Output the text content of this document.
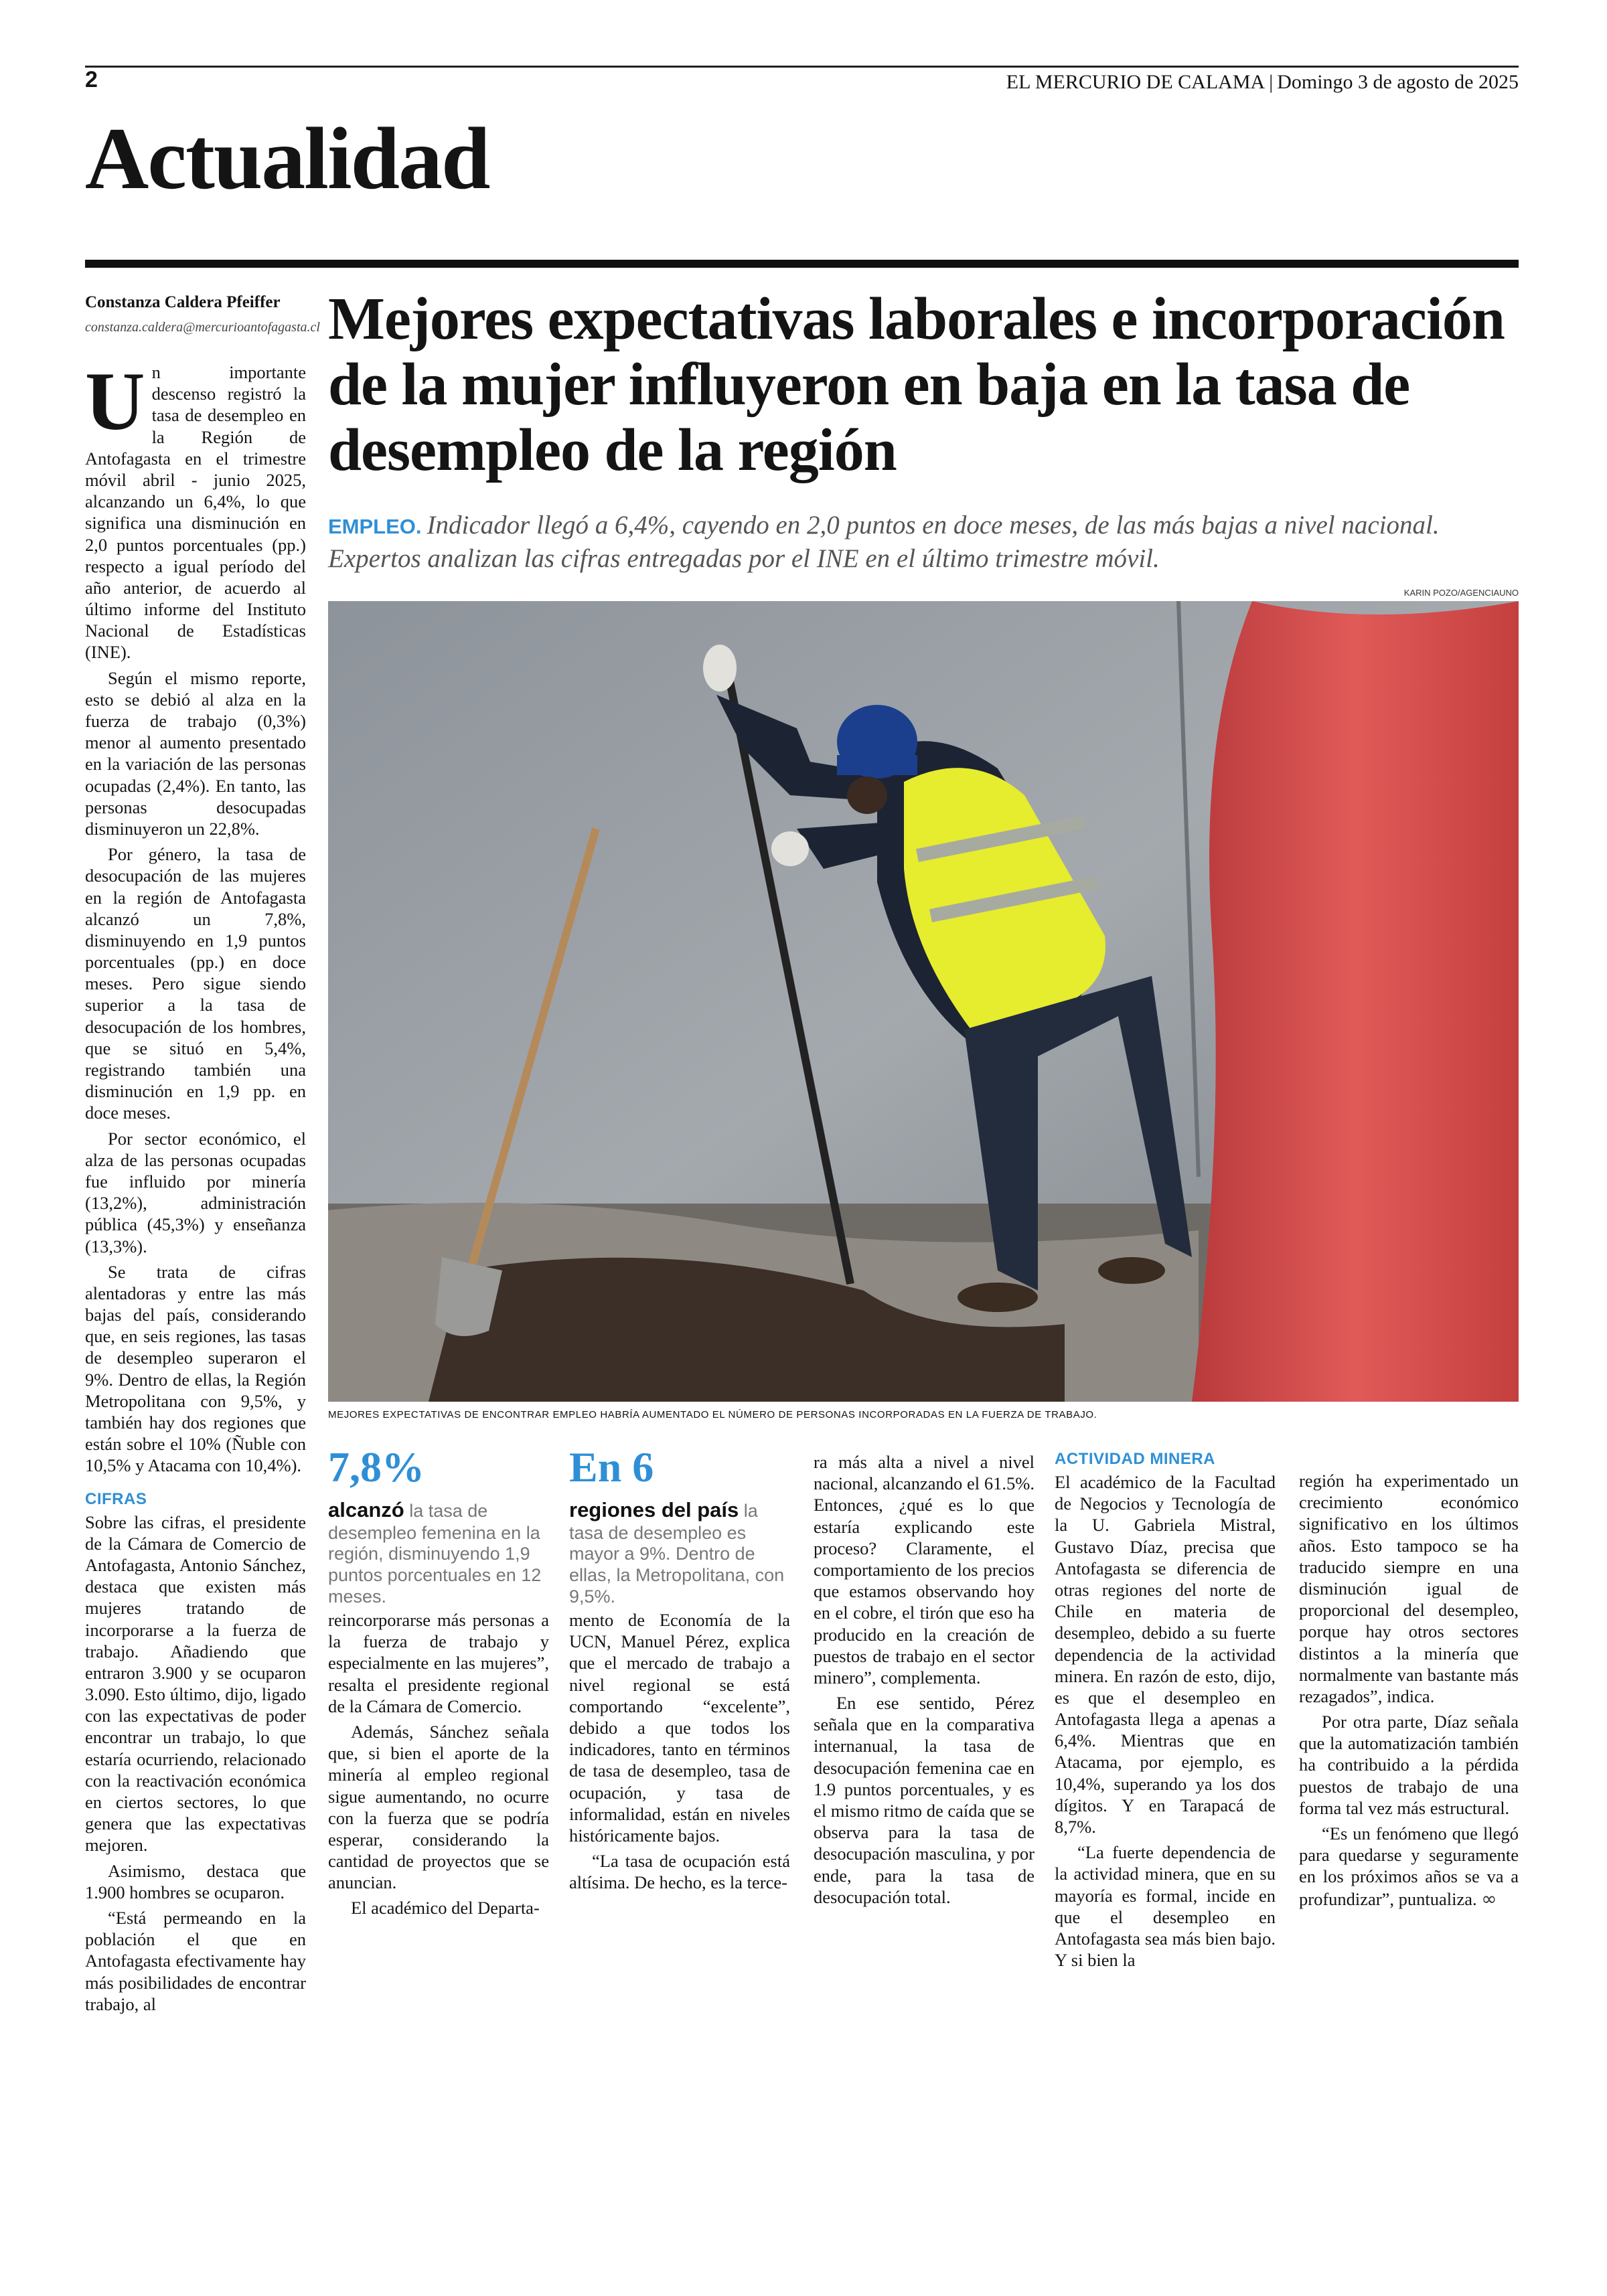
2	EL MERCURIO DE CALAMA | Domingo 3 de agosto de 2025
Actualidad
Constanza Caldera Pfeiffer
constanza.caldera@mercurioantofagasta.cl Mejores expectativas laborales e incorporación de la mujer influyeron en baja en la tasa de desempleo de la región
EMPLEO. Indicador llegó a 6,4%, cayendo en 2,0 puntos en doce meses, de las más bajas a nivel nacional. Expertos analizan las cifras entregadas por el INE en el último trimestre móvil.
KARIN POZO/AGENCIAUNO
MEJORES EXPECTATIVAS DE ENCONTRAR EMPLEO HABRÍA AUMENTADO EL NÚMERO DE PERSONAS INCORPORADAS EN LA FUERZA DE TRABAJO.
U n importante descenso registró la tasa de desempleo en la Región de Antofagasta en el trimestre móvil abril - junio 2025, alcanzando un 6,4%, lo que significa una disminución en 2,0 puntos porcentuales (pp.) respecto a igual período del año anterior, de acuerdo al último informe del Instituto Nacional de Estadísticas (INE).

Según el mismo reporte, esto se debió al alza en la fuerza de trabajo (0,3%) menor al aumento presentado en la variación de las personas ocupadas (2,4%). En tanto, las personas desocupadas disminuyeron un 22,8%.

Por género, la tasa de desocupación de las mujeres en la región de Antofagasta alcanzó un 7,8%, disminuyendo en 1,9 puntos porcentuales (pp.) en doce meses. Pero sigue siendo superior a la tasa de desocupación de los hombres, que se situó en 5,4%, registrando también una disminución en 1,9 pp. en doce meses.

Por sector económico, el alza de las personas ocupadas fue influido por minería (13,2%), administración pública (45,3%) y enseñanza (13,3%).

Se trata de cifras alentadoras y entre las más bajas del país, considerando que, en seis regiones, las tasas de desempleo superaron el 9%. Dentro de ellas, la Región Metropolitana con 9,5%, y también hay dos regiones que están sobre el 10% (Ñuble con 10,5% y Atacama con 10,4%).

CIFRAS

Sobre las cifras, el presidente de la Cámara de Comercio de Antofagasta, Antonio Sánchez, destaca que existen más mujeres tratando de incorporarse a la fuerza de trabajo. Añadiendo que entraron 3.900 y se ocuparon 3.090. Esto último, dijo, ligado con las expectativas de poder encontrar un trabajo, lo que estaría ocurriendo, relacionado con la reactivación económica en ciertos sectores, lo que genera que las expectativas mejoren.

Asimismo, destaca que 1.900 hombres se ocuparon.

“Está permeando en la población el que en Antofagasta efectivamente hay más posibilidades de encontrar trabajo, al

7,8%
alcanzó la tasa de desempleo femenina en la región, disminuyendo 1,9 puntos porcentuales en 12 meses.
En 6
regiones del país la tasa de desempleo es mayor a 9%. Dentro de ellas, la Metropolitana, con 9,5%.

reincorporarse más personas a la fuerza de trabajo y especialmente en las mujeres”, resalta el presidente regional de la Cámara de Comercio.

Además, Sánchez señala que, si bien el aporte de la minería al empleo regional sigue aumentando, no ocurre con la fuerza que se podría esperar, considerando la cantidad de proyectos que se anuncian.

El académico del Departa-

mento de Economía de la UCN, Manuel Pérez, explica que el mercado de trabajo a nivel regional se está comportando “excelente”, debido a que todos los indicadores, tanto en términos de tasa de desempleo, tasa de ocupación, y tasa de informalidad, están en niveles históricamente bajos.

“La tasa de ocupación está altísima. De hecho, es la terce-

ra más alta a nivel a nivel nacional, alcanzando el 61.5%. Entonces, ¿qué es lo que estaría explicando este proceso? Claramente, el comportamiento de los precios que estamos observando hoy en el cobre, el tirón que eso ha producido en la creación de puestos de trabajo en el sector minero”, complementa.

En ese sentido, Pérez señala que en la comparativa internanual, la tasa de desocupación femenina cae en 1.9 puntos porcentuales, y es el mismo ritmo de caída que se observa para la tasa de desocupación masculina, y por ende, para la tasa de desocupación total.

ACTIVIDAD MINERA

El académico de la Facultad de Negocios y Tecnología de la U. Gabriela Mistral, Gustavo Díaz, precisa que Antofagasta se diferencia de otras regiones del norte de Chile en materia de desempleo, debido a su fuerte dependencia de la actividad minera. En razón de esto, dijo, es que el desempleo en Antofagasta llega a apenas a 6,4%. Mientras que en Atacama, por ejemplo, es 10,4%, superando ya los dos dígitos. Y en Tarapacá de 8,7%.

“La fuerte dependencia de la actividad minera, que en su mayoría es formal, incide en que el desempleo en Antofagasta sea más bien bajo. Y si bien la

región ha experimentado un crecimiento económico significativo en los últimos años. Esto tampoco se ha traducido siempre en una disminución igual de proporcional del desempleo, porque hay otros sectores distintos a la minería que normalmente van bastante más rezagados”, indica.

Por otra parte, Díaz señala que la automatización también ha contribuido a la pérdida puestos de trabajo de una forma tal vez más estructural.

“Es un fenómeno que llegó para quedarse y seguramente en los próximos años se va a profundizar”, puntualiza. ∞
